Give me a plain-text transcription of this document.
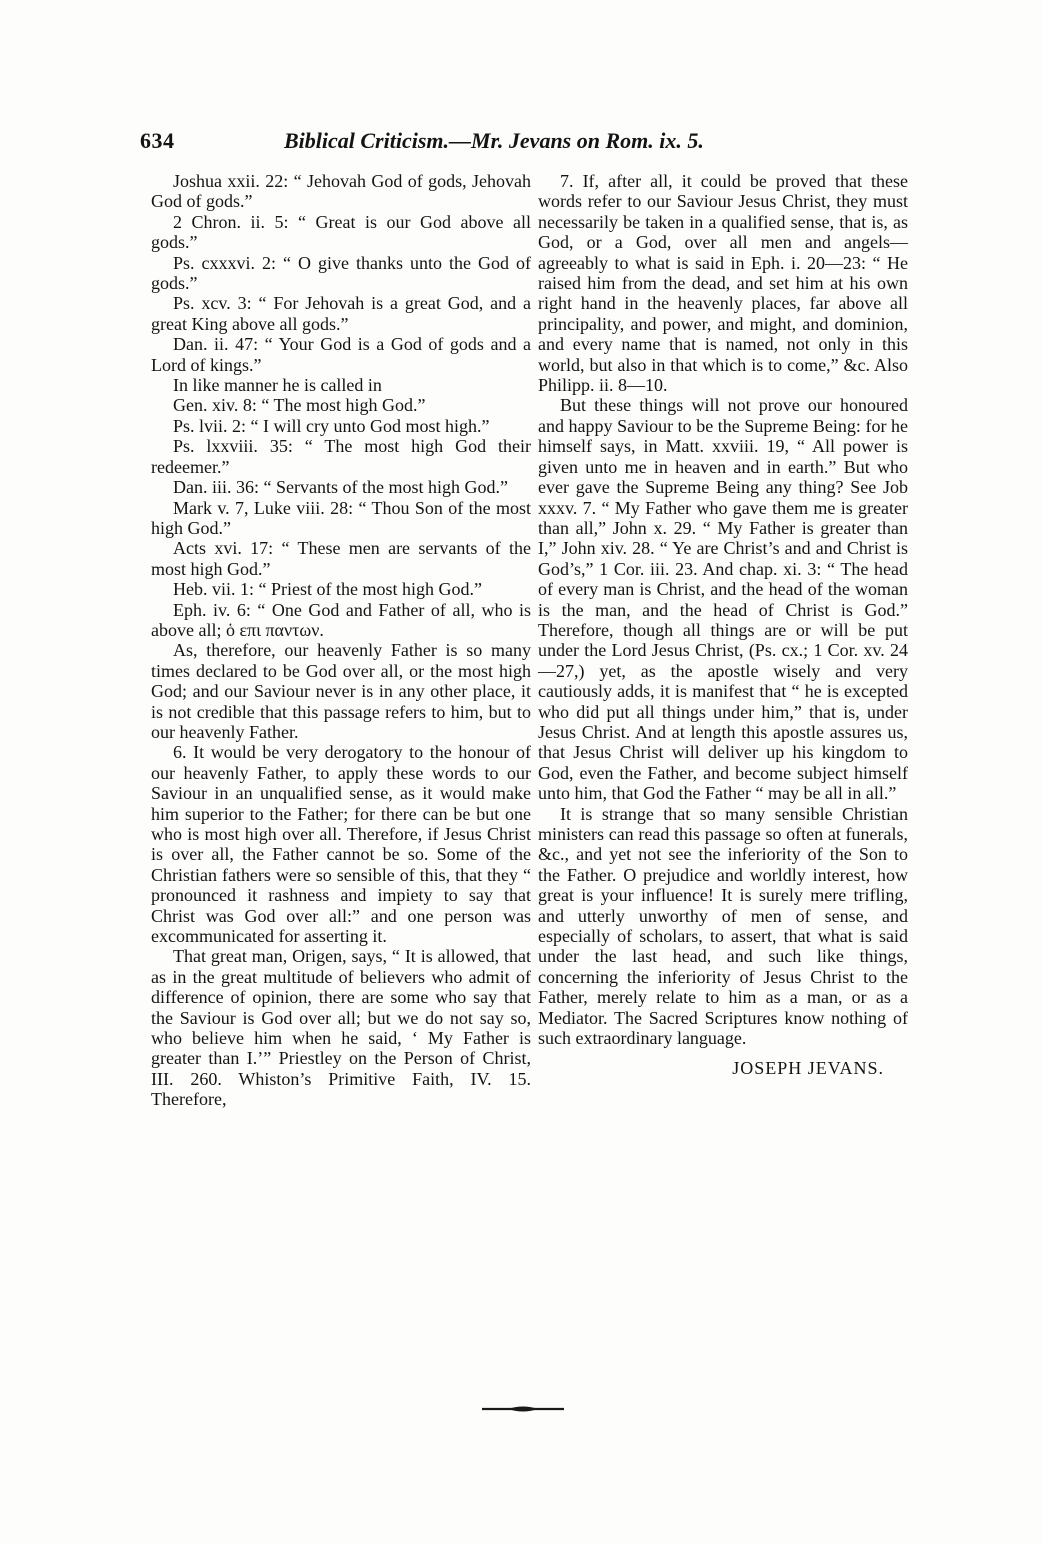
634	Biblical Criticism.—Mr. Jevans on Rom. ix. 5.

Joshua xxii. 22: “ Jehovah God of gods, Jehovah God of gods.”

2 Chron. ii. 5: “ Great is our God above all gods.”

Ps. cxxxvi. 2: “ O give thanks unto the God of gods.”

Ps. xcv. 3: “ For Jehovah is a great God, and a great King above all gods.”

Dan. ii. 47: “ Your God is a God of gods and a Lord of kings.”

In like manner he is called in

Gen. xiv. 8: “ The most high God.”

Ps. lvii. 2: “ I will cry unto God most high.”

Ps. lxxviii. 35: “ The most high God their redeemer.”

Dan. iii. 36: “ Servants of the most high God.”

Mark v. 7, Luke viii. 28: “ Thou Son of the most high God.”

Acts xvi. 17: “ These men are servants of the most high God.”

Heb. vii. 1: “ Priest of the most high God.”

Eph. iv. 6: “ One God and Father of all, who is above all; ὁ επι παντων.

As, therefore, our heavenly Father is so many times declared to be God over all, or the most high God; and our Saviour never is in any other place, it is not credible that this passage refers to him, but to our heavenly Father.

6. It would be very derogatory to the honour of our heavenly Father, to apply these words to our Saviour in an unqualified sense, as it would make him superior to the Father; for there can be but one who is most high over all. Therefore, if Jesus Christ is over all, the Father cannot be so. Some of the Christian fathers were so sensible of this, that they “ pronounced it rashness and impiety to say that Christ was God over all:” and one person was excommunicated for asserting it.

That great man, Origen, says, “ It is allowed, that as in the great multitude of believers who admit of difference of opinion, there are some who say that the Saviour is God over all; but we do not say so, who believe him when he said, ‘ My Father is greater than I.’” Priestley on the Person of Christ, III. 260. Whiston’s Primitive Faith, IV. 15. Therefore,

7. If, after all, it could be proved that these words refer to our Saviour Jesus Christ, they must necessarily be taken in a qualified sense, that is, as God, or a God, over all men and angels—agreeably to what is said in Eph. i. 20—23: “ He raised him from the dead, and set him at his own right hand in the heavenly places, far above all principality, and power, and might, and dominion, and every name that is named, not only in this world, but also in that which is to come,” &c. Also Philipp. ii. 8—10.

But these things will not prove our honoured and happy Saviour to be the Supreme Being: for he himself says, in Matt. xxviii. 19, “ All power is given unto me in heaven and in earth.” But who ever gave the Supreme Being any thing? See Job xxxv. 7. “ My Father who gave them me is greater than all,” John x. 29. “ My Father is greater than I,” John xiv. 28. “ Ye are Christ’s and and Christ is God’s,” 1 Cor. iii. 23. And chap. xi. 3: “ The head of every man is Christ, and the head of the woman is the man, and the head of Christ is God.” Therefore, though all things are or will be put under the Lord Jesus Christ, (Ps. cx.; 1 Cor. xv. 24—27,) yet, as the apostle wisely and very cautiously adds, it is manifest that “ he is excepted who did put all things under him,” that is, under Jesus Christ. And at length this apostle assures us, that Jesus Christ will deliver up his kingdom to God, even the Father, and become subject himself unto him, that God the Father “ may be all in all.”

It is strange that so many sensible Christian ministers can read this passage so often at funerals, &c., and yet not see the inferiority of the Son to the Father. O prejudice and worldly interest, how great is your influence! It is surely mere trifling, and utterly unworthy of men of sense, and especially of scholars, to assert, that what is said under the last head, and such like things, concerning the inferiority of Jesus Christ to the Father, merely relate to him as a man, or as a Mediator. The Sacred Scriptures know nothing of such extraordinary language.

JOSEPH JEVANS.
